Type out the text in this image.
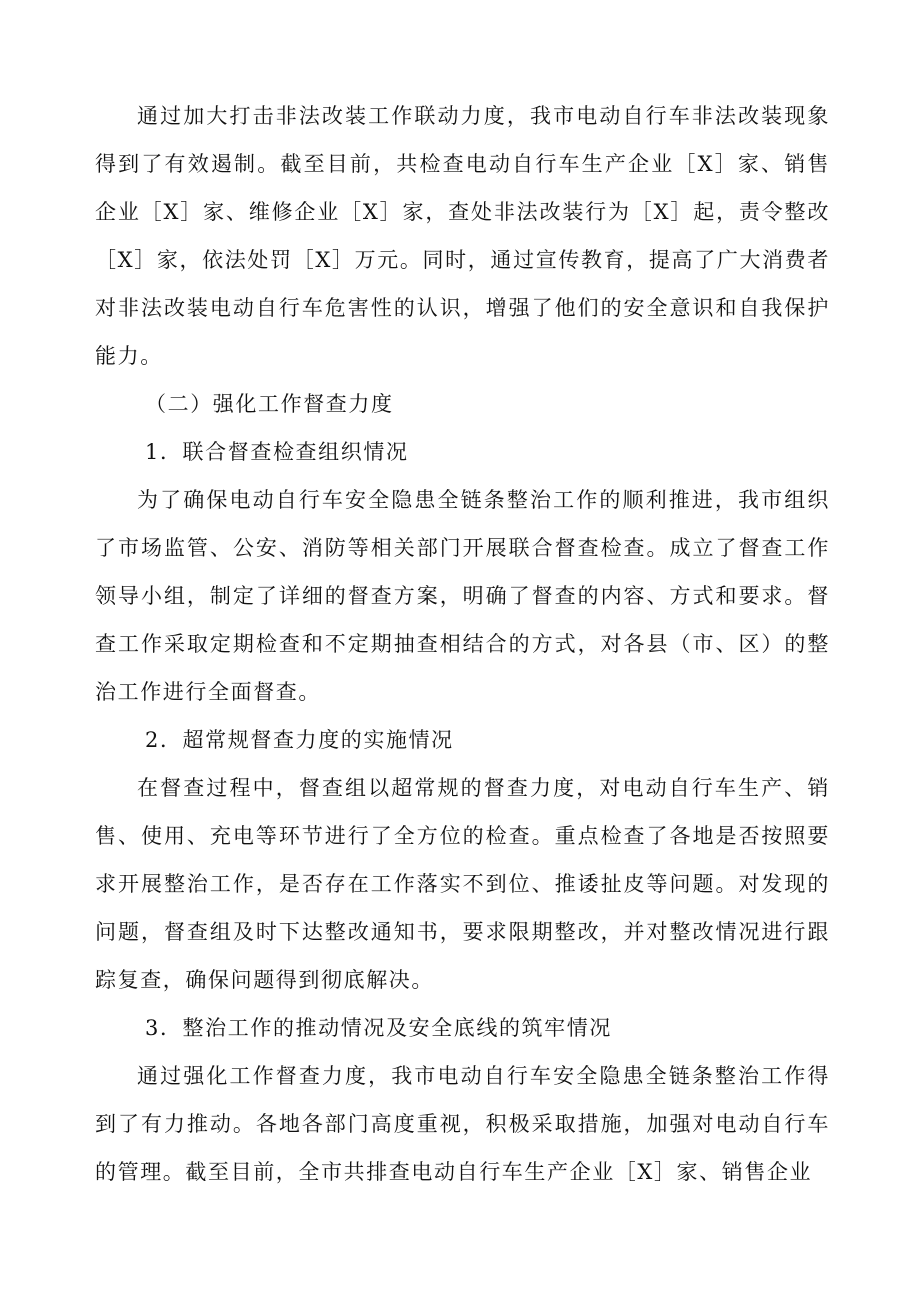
通过加大打击非法改装工作联动力度，我市电动自行车非法改装现象得到了有效遏制。截至目前，共检查电动自行车生产企业［X］家、销售企业［X］家、维修企业［X］家，查处非法改装行为［X］起，责令整改［X］家，依法处罚［X］万元。同时，通过宣传教育，提高了广大消费者对非法改装电动自行车危害性的认识，增强了他们的安全意识和自我保护能力。

（二）强化工作督查力度

1．联合督查检查组织情况

为了确保电动自行车安全隐患全链条整治工作的顺利推进，我市组织了市场监管、公安、消防等相关部门开展联合督查检查。成立了督查工作领导小组，制定了详细的督查方案，明确了督查的内容、方式和要求。督查工作采取定期检查和不定期抽查相结合的方式，对各县（市、区）的整治工作进行全面督查。

2．超常规督查力度的实施情况

在督查过程中，督查组以超常规的督查力度，对电动自行车生产、销售、使用、充电等环节进行了全方位的检查。重点检查了各地是否按照要求开展整治工作，是否存在工作落实不到位、推诿扯皮等问题。对发现的问题，督查组及时下达整改通知书，要求限期整改，并对整改情况进行跟踪复查，确保问题得到彻底解决。

3．整治工作的推动情况及安全底线的筑牢情况

通过强化工作督查力度，我市电动自行车安全隐患全链条整治工作得到了有力推动。各地各部门高度重视，积极采取措施，加强对电动自行车的管理。截至目前，全市共排查电动自行车生产企业［X］家、销售企业
